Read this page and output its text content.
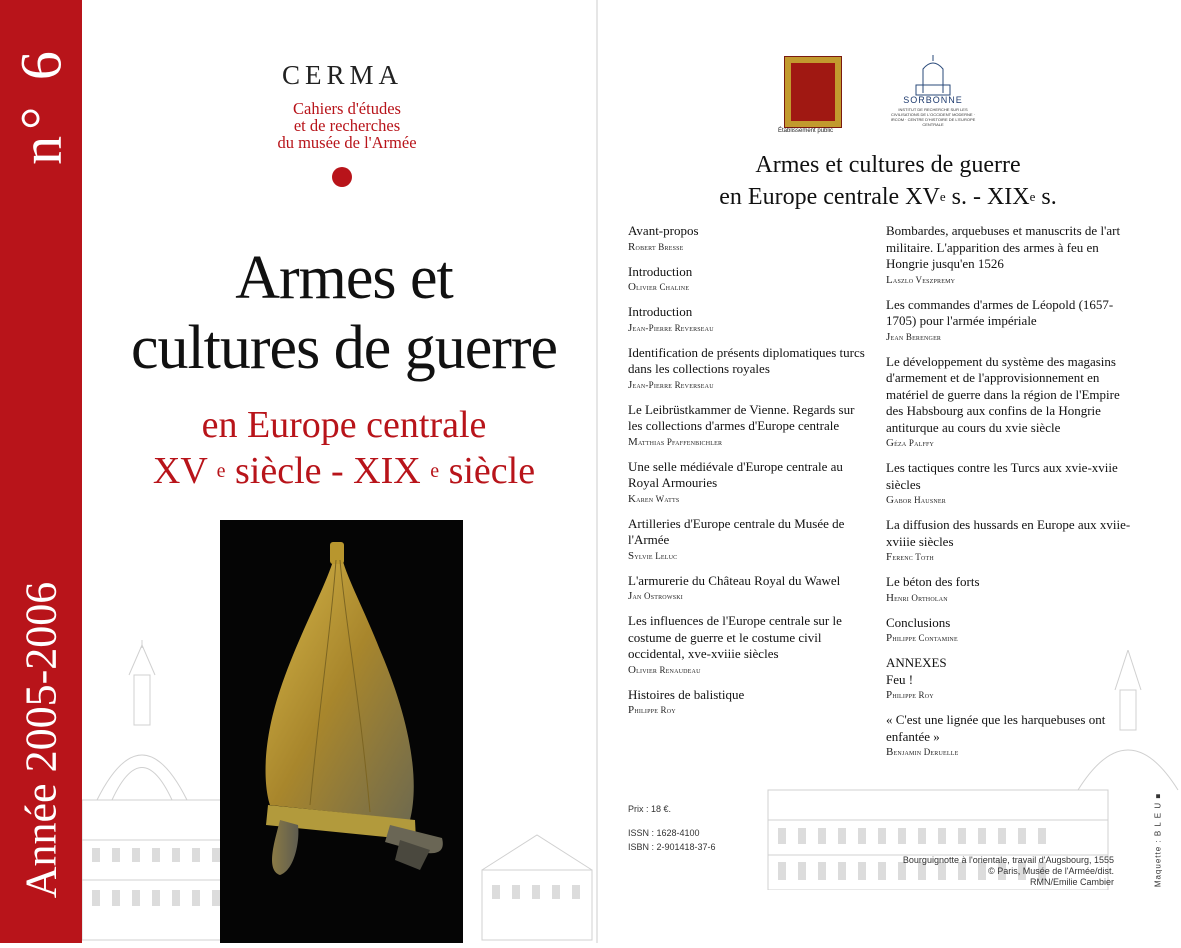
n° 6
Année 2005-2006
CERMA
Cahiers d'études
et de recherches
du musée de l'Armée
Armes et
cultures de guerre
en Europe centrale
XV $^e$ siècle - XIX $^e$ siècle
Établissement public
SORBONNE
INSTITUT DE RECHERCHE SUR LES CIVILISATIONS DE L'OCCIDENT MODERNE · IRCOM · CENTRE D'HISTOIRE DE L'EUROPE CENTRALE
Armes et cultures de guerre
en Europe centrale XVe s. - XIXe s.
Avant-propos
Robert Bresse
Introduction
Olivier Chaline
Introduction
Jean-Pierre Reverseau
Identification de présents diplomatiques turcs dans les collections royales
Jean-Pierre Reverseau
Le Leibrüstkammer de Vienne. Regards sur les collections d'armes d'Europe centrale
Matthias Pfaffenbichler
Une selle médiévale d'Europe centrale au Royal Armouries
Karen Watts
Artilleries d'Europe centrale du Musée de l'Armée
Sylvie Leluc
L'armurerie du Château Royal du Wawel
Jan Ostrowski
Les influences de l'Europe centrale sur le costume de guerre et le costume civil occidental, xve-xviiie siècles
Olivier Renaudeau
Histoires de balistique
Philippe Roy
Bombardes, arquebuses et manuscrits de l'art militaire. L'apparition des armes à feu en Hongrie jusqu'en 1526
Laszlo Veszpremy
Les commandes d'armes de Léopold (1657-1705) pour l'armée impériale
Jean Berenger
Le développement du système des magasins d'armement et de l'approvisionnement en matériel de guerre dans la région de l'Empire des Habsbourg aux confins de la Hongrie antiturque au cours du xvie siècle
Géza Palffy
Les tactiques contre les Turcs aux xvie-xviie siècles
Gabor Hausner
La diffusion des hussards en Europe aux xviie-xviiie siècles
Ferenc Toth
Le béton des forts
Henri Ortholan
Conclusions
Philippe Contamine
ANNEXES
Feu !
Philippe Roy
« C'est une lignée que les harquebuses ont enfantée »
Benjamin Deruelle
Prix : 18 €.
ISSN : 1628-4100
ISBN : 2-901418-37-6
Bourguignotte à l'orientale, travail d'Augsbourg, 1555
© Paris, Musée de l'Armée/dist.
RMN/Emilie Cambier	Maquette : B L E U ■
